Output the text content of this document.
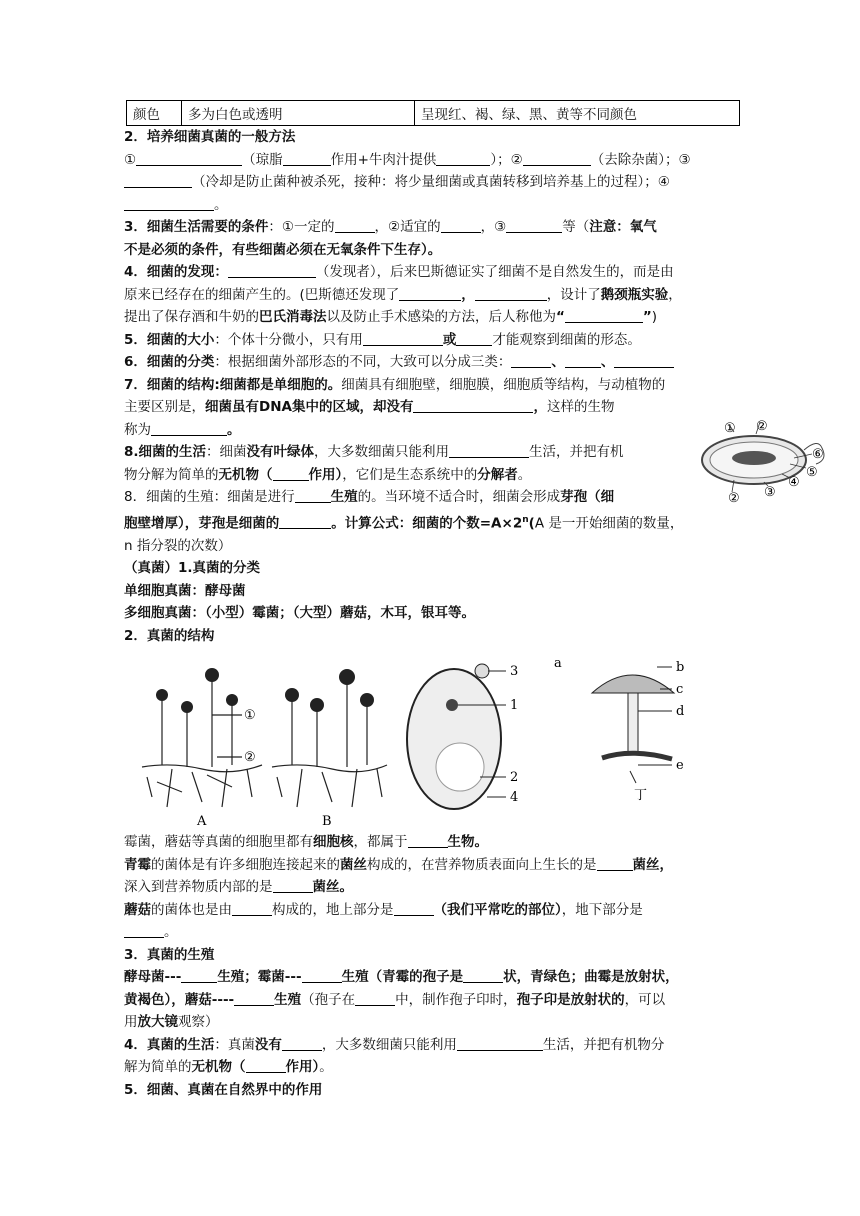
颜色	多为白色或透明	呈现红、褐、绿、黑、黄等不同颜色

2．培养细菌真菌的一般方法

①	（琼脂	作用+牛肉汁提供	）；②	（去除杂菌）；③

（冷却是防止菌种被杀死，接种：将少量细菌或真菌转移到培养基上的过程）；④

。

3．细菌生活需要的条件：①一定的	，②适宜的	，③	等（注意：氧气

不是必须的条件，有些细菌必须在无氧条件下生存）。

4．细菌的发现：	（发现者），后来巴斯德证实了细菌不是自然发生的，而是由

原来已经存在的细菌产生的。(巴斯德还发现了	，	，设计了鹅颈瓶实验，

提出了保存酒和牛奶的巴氏消毒法以及防止手术感染的方法，后人称他为“	”)

5．细菌的大小：个体十分微小，只有用	或	才能观察到细菌的形态。

6．细菌的分类：根据细菌外部形态的不同，大致可以分成三类：	、	、

7．细菌的结构:细菌都是单细胞的。细菌具有细胞壁，细胞膜，细胞质等结构，与动植物的

主要区别是，细菌虽有DNA集中的区域，却没有	，这样的生物

称为	。

8.细菌的生活：细菌没有叶绿体，大多数细菌只能利用	生活，并把有机

物分解为简单的无机物（	作用），它们是生态系统中的分解者。

8．细菌的生殖：细菌是进行	生殖的。当环境不适合时，细菌会形成芽孢（细

胞壁增厚），芽孢是细菌的	。计算公式：细菌的个数$=A\times 2^n(A$ 是一开始细菌的数量，

n 指分裂的次数）

（真菌）1.真菌的分类

单细胞真菌：酵母菌

多细胞真菌：（小型）霉菌；（大型）蘑菇，木耳，银耳等。

2．真菌的结构

①
②
A	B
3
1
2
4
a	b
c
d
e
丁

霉菌，蘑菇等真菌的细胞里都有细胞核，都属于	生物。

青霉的菌体是有许多细胞连接起来的菌丝构成的，在营养物质表面向上生长的是	菌丝，

深入到营养物质内部的是	菌丝。

蘑菇的菌体也是由	构成的，地上部分是	（我们平常吃的部位），地下部分是

。

3．真菌的生殖

酵母菌---	生殖；霉菌---	生殖（青霉的孢子是	状，青绿色；曲霉是放射状，

黄褐色），蘑菇----	生殖（孢子在	中，制作孢子印时，孢子印是放射状的，可以

用放大镜观察）

4．真菌的生活：真菌没有	，大多数细菌只能利用	生活，并把有机物分

解为简单的无机物（	作用）。

5．细菌、真菌在自然界中的作用

① ②
⑥
⑤
④
③
②
